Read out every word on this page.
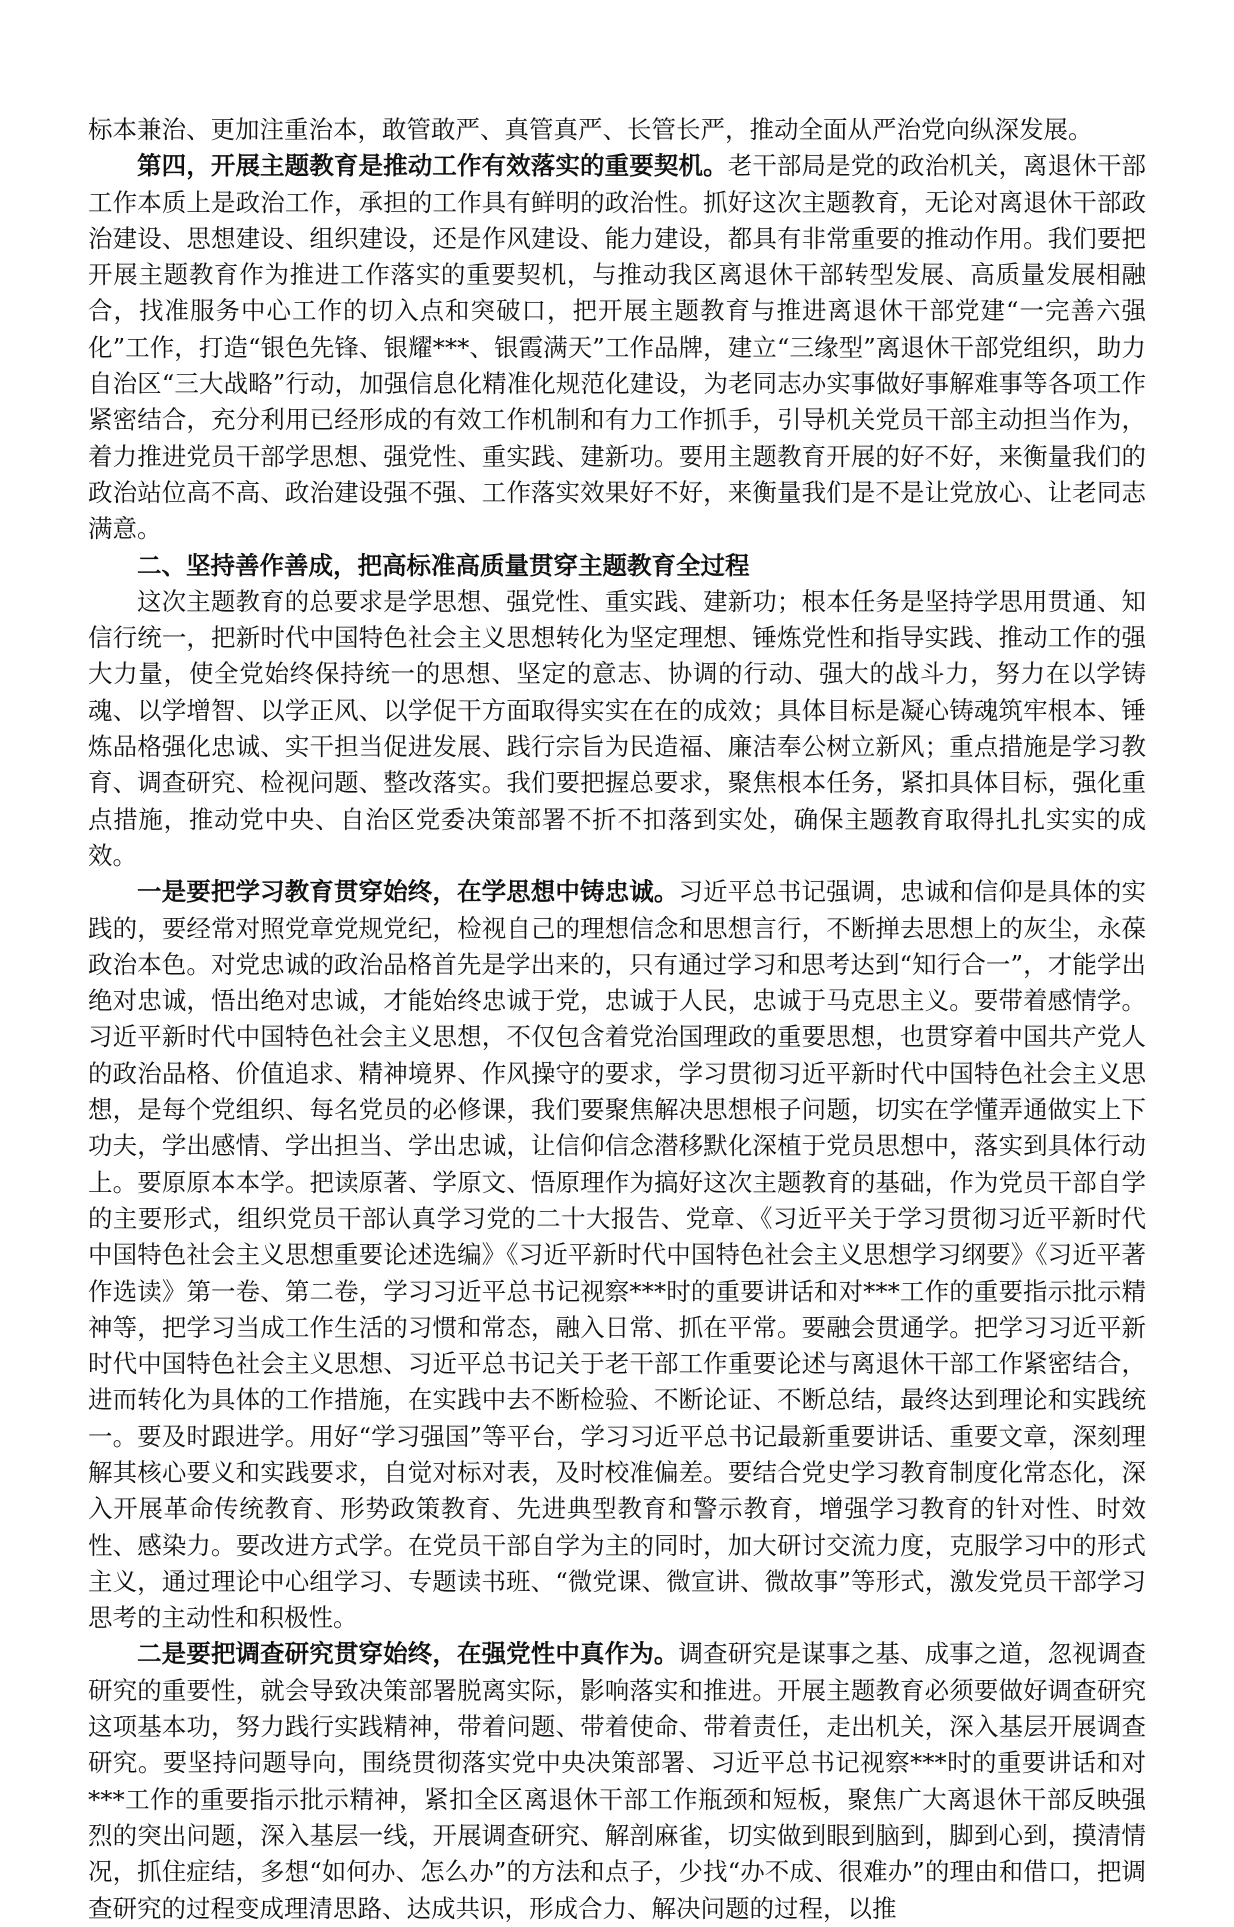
标本兼治、更加注重治本，敢管敢严、真管真严、长管长严，推动全面从严治党向纵深发展。

第四，开展主题教育是推动工作有效落实的重要契机。老干部局是党的政治机关，离退休干部工作本质上是政治工作，承担的工作具有鲜明的政治性。抓好这次主题教育，无论对离退休干部政治建设、思想建设、组织建设，还是作风建设、能力建设，都具有非常重要的推动作用。我们要把开展主题教育作为推进工作落实的重要契机，与推动我区离退休干部转型发展、高质量发展相融合，找准服务中心工作的切入点和突破口，把开展主题教育与推进离退休干部党建“一完善六强化”工作，打造“银色先锋、银耀***、银霞满天”工作品牌，建立“三缘型”离退休干部党组织，助力自治区“三大战略”行动，加强信息化精准化规范化建设，为老同志办实事做好事解难事等各项工作紧密结合，充分利用已经形成的有效工作机制和有力工作抓手，引导机关党员干部主动担当作为，着力推进党员干部学思想、强党性、重实践、建新功。要用主题教育开展的好不好，来衡量我们的政治站位高不高、政治建设强不强、工作落实效果好不好，来衡量我们是不是让党放心、让老同志满意。

二、坚持善作善成，把高标准高质量贯穿主题教育全过程

这次主题教育的总要求是学思想、强党性、重实践、建新功；根本任务是坚持学思用贯通、知信行统一，把新时代中国特色社会主义思想转化为坚定理想、锤炼党性和指导实践、推动工作的强大力量，使全党始终保持统一的思想、坚定的意志、协调的行动、强大的战斗力，努力在以学铸魂、以学增智、以学正风、以学促干方面取得实实在在的成效；具体目标是凝心铸魂筑牢根本、锤炼品格强化忠诚、实干担当促进发展、践行宗旨为民造福、廉洁奉公树立新风；重点措施是学习教育、调查研究、检视问题、整改落实。我们要把握总要求，聚焦根本任务，紧扣具体目标，强化重点措施，推动党中央、自治区党委决策部署不折不扣落到实处，确保主题教育取得扎扎实实的成效。

一是要把学习教育贯穿始终，在学思想中铸忠诚。习近平总书记强调，忠诚和信仰是具体的实践的，要经常对照党章党规党纪，检视自己的理想信念和思想言行，不断掸去思想上的灰尘，永葆政治本色。对党忠诚的政治品格首先是学出来的，只有通过学习和思考达到“知行合一”，才能学出绝对忠诚，悟出绝对忠诚，才能始终忠诚于党，忠诚于人民，忠诚于马克思主义。要带着感情学。习近平新时代中国特色社会主义思想，不仅包含着党治国理政的重要思想，也贯穿着中国共产党人的政治品格、价值追求、精神境界、作风操守的要求，学习贯彻习近平新时代中国特色社会主义思想，是每个党组织、每名党员的必修课，我们要聚焦解决思想根子问题，切实在学懂弄通做实上下功夫，学出感情、学出担当、学出忠诚，让信仰信念潜移默化深植于党员思想中，落实到具体行动上。要原原本本学。把读原著、学原文、悟原理作为搞好这次主题教育的基础，作为党员干部自学的主要形式，组织党员干部认真学习党的二十大报告、党章、《习近平关于学习贯彻习近平新时代中国特色社会主义思想重要论述选编》《习近平新时代中国特色社会主义思想学习纲要》《习近平著作选读》第一卷、第二卷，学习习近平总书记视察***时的重要讲话和对***工作的重要指示批示精神等，把学习当成工作生活的习惯和常态，融入日常、抓在平常。要融会贯通学。把学习习近平新时代中国特色社会主义思想、习近平总书记关于老干部工作重要论述与离退休干部工作紧密结合，进而转化为具体的工作措施，在实践中去不断检验、不断论证、不断总结，最终达到理论和实践统一。要及时跟进学。用好“学习强国”等平台，学习习近平总书记最新重要讲话、重要文章，深刻理解其核心要义和实践要求，自觉对标对表，及时校准偏差。要结合党史学习教育制度化常态化，深入开展革命传统教育、形势政策教育、先进典型教育和警示教育，增强学习教育的针对性、时效性、感染力。要改进方式学。在党员干部自学为主的同时，加大研讨交流力度，克服学习中的形式主义，通过理论中心组学习、专题读书班、“微党课、微宣讲、微故事”等形式，激发党员干部学习思考的主动性和积极性。

二是要把调查研究贯穿始终，在强党性中真作为。调查研究是谋事之基、成事之道，忽视调查研究的重要性，就会导致决策部署脱离实际，影响落实和推进。开展主题教育必须要做好调查研究这项基本功，努力践行实践精神，带着问题、带着使命、带着责任，走出机关，深入基层开展调查研究。要坚持问题导向，围绕贯彻落实党中央决策部署、习近平总书记视察***时的重要讲话和对***工作的重要指示批示精神，紧扣全区离退休干部工作瓶颈和短板，聚焦广大离退休干部反映强烈的突出问题，深入基层一线，开展调查研究、解剖麻雀，切实做到眼到脑到，脚到心到，摸清情况，抓住症结，多想“如何办、怎么办”的方法和点子，少找“办不成、很难办”的理由和借口，把调查研究的过程变成理清思路、达成共识，形成合力、解决问题的过程，以推
